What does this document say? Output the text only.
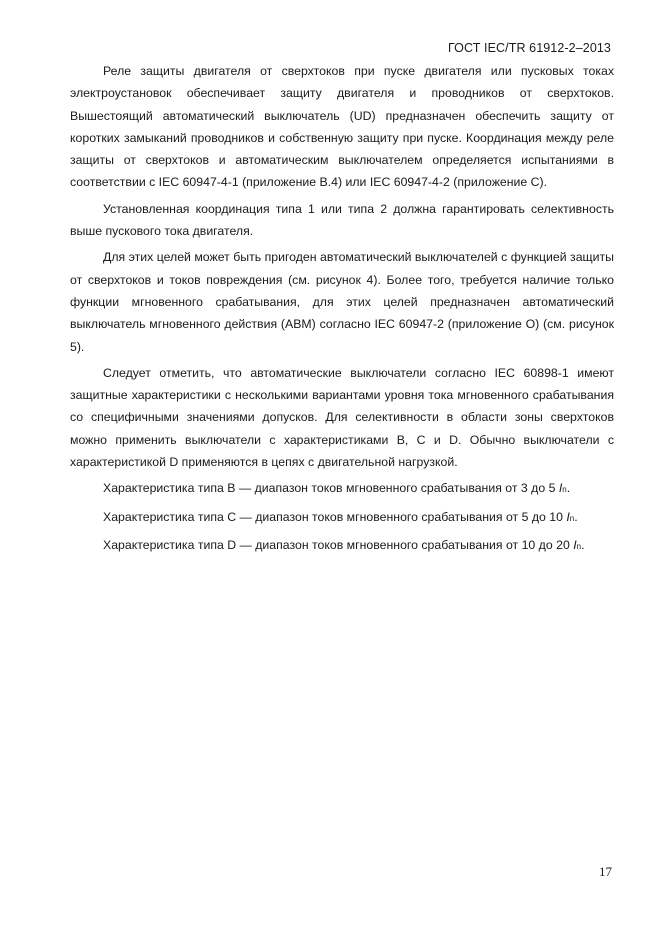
ГОСТ IEC/TR 61912-2–2013

Реле защиты двигателя от сверхтоков при пуске двигателя или пусковых токах электроустановок обеспечивает защиту двигателя и проводников от сверхтоков. Вышестоящий автоматический выключатель (UD) предназначен обеспечить защиту от коротких замыканий проводников и собственную защиту при пуске. Координация между реле защиты от сверхтоков и автоматическим выключателем определяется испытаниями в соответствии с IEC 60947-4-1 (приложение В.4) или IEC 60947-4-2 (приложение С).

Установленная координация типа 1 или типа 2 должна гарантировать селективность выше пускового тока двигателя.

Для этих целей может быть пригоден автоматический выключателей с функцией защиты от сверхтоков и токов повреждения (см. рисунок 4). Более того, требуется наличие только функции мгновенного срабатывания, для этих целей предназначен автоматический выключатель мгновенного действия (АВМ) согласно IEC 60947-2 (приложение О) (см. рисунок 5).

Следует отметить, что автоматические выключатели согласно IEC 60898-1 имеют защитные характеристики с несколькими вариантами уровня тока мгновенного срабатывания со специфичными значениями допусков. Для селективности в области зоны сверхтоков можно применить выключатели с характеристиками B, C и D. Обычно выключатели с характеристикой D применяются в цепях с двигательной нагрузкой.

Характеристика типа В — диапазон токов мгновенного срабатывания от 3 до 5 In.

Характеристика типа С — диапазон токов мгновенного срабатывания от 5 до 10 In.

Характеристика типа D — диапазон токов мгновенного срабатывания от 10 до 20 In.

17
